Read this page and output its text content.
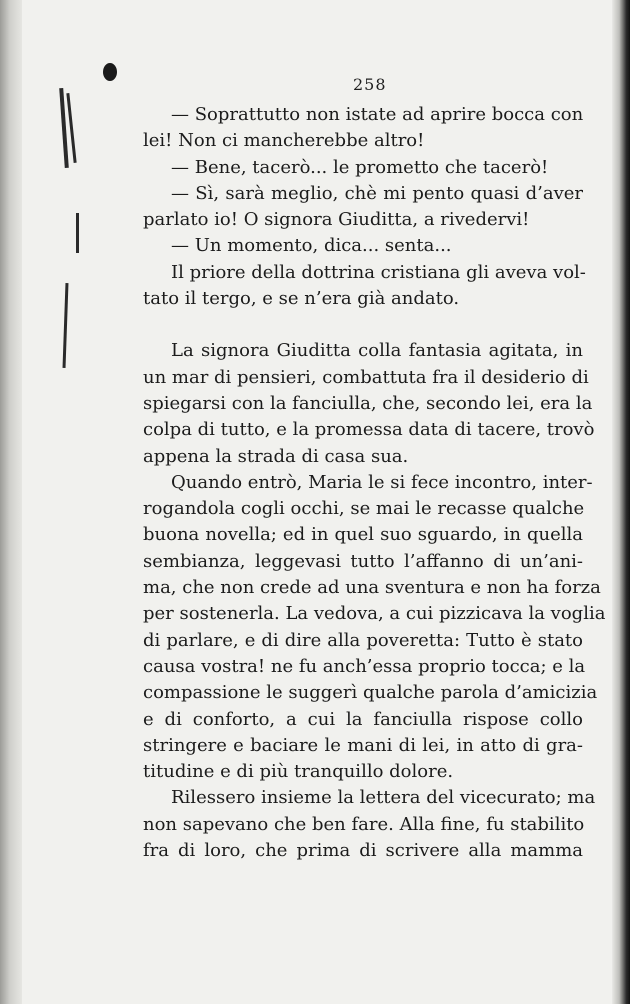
258
— Soprattutto non istate ad aprire bocca con
lei! Non ci mancherebbe altro!
— Bene, tacerò... le prometto che tacerò!
— Sì, sarà meglio, chè mi pento quasi d’aver
parlato io! O signora Giuditta, a rivedervi!
— Un momento, dica... senta...
Il priore della dottrina cristiana gli aveva vol-
tato il tergo, e se n’era già andato.
La signora Giuditta colla fantasia agitata, in
un mar di pensieri, combattuta fra il desiderio di
spiegarsi con la fanciulla, che, secondo lei, era la
colpa di tutto, e la promessa data di tacere, trovò
appena la strada di casa sua.
Quando entrò, Maria le si fece incontro, inter-
rogandola cogli occhi, se mai le recasse qualche
buona novella; ed in quel suo sguardo, in quella
sembianza, leggevasi tutto l’affanno di un’ani-
ma, che non crede ad una sventura e non ha forza
per sostenerla. La vedova, a cui pizzicava la voglia
di parlare, e di dire alla poveretta: Tutto è stato
causa vostra! ne fu anch’essa proprio tocca; e la
compassione le suggerì qualche parola d’amicizia
e di conforto, a cui la fanciulla rispose collo
stringere e baciare le mani di lei, in atto di gra-
titudine e di più tranquillo dolore.
Rilessero insieme la lettera del vicecurato; ma
non sapevano che ben fare. Alla fine, fu stabilito
fra di loro, che prima di scrivere alla mamma
